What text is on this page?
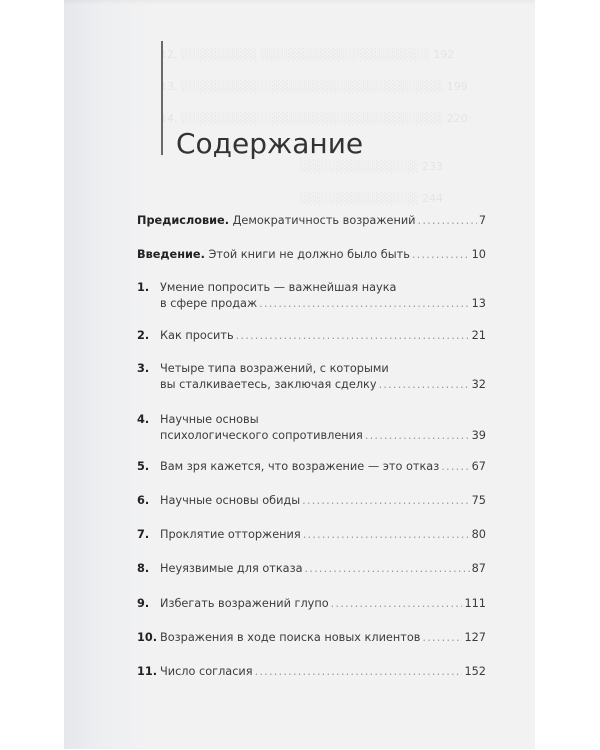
Содержание
Предисловие. Демократичность возражений .....	7
Введение. Этой книги не должно было быть .....	10
1. Умение попросить — важнейшая наука
в сфере продаж .....	13
2. Как просить .....	21
3. Четыре типа возражений, с которыми
вы сталкиваетесь, заключая сделку .....	32
4. Научные основы
психологического сопротивления .....	39
5. Вам зря кажется, что возражение — это отказ .....	67
6. Научные основы обиды .....	75
7. Проклятие отторжения .....	80
8. Неуязвимые для отказа .....	87
9. Избегать возражений глупо .....	111
10. Возражения в ходе поиска новых клиентов .....	127
11. Число согласия .....	152
